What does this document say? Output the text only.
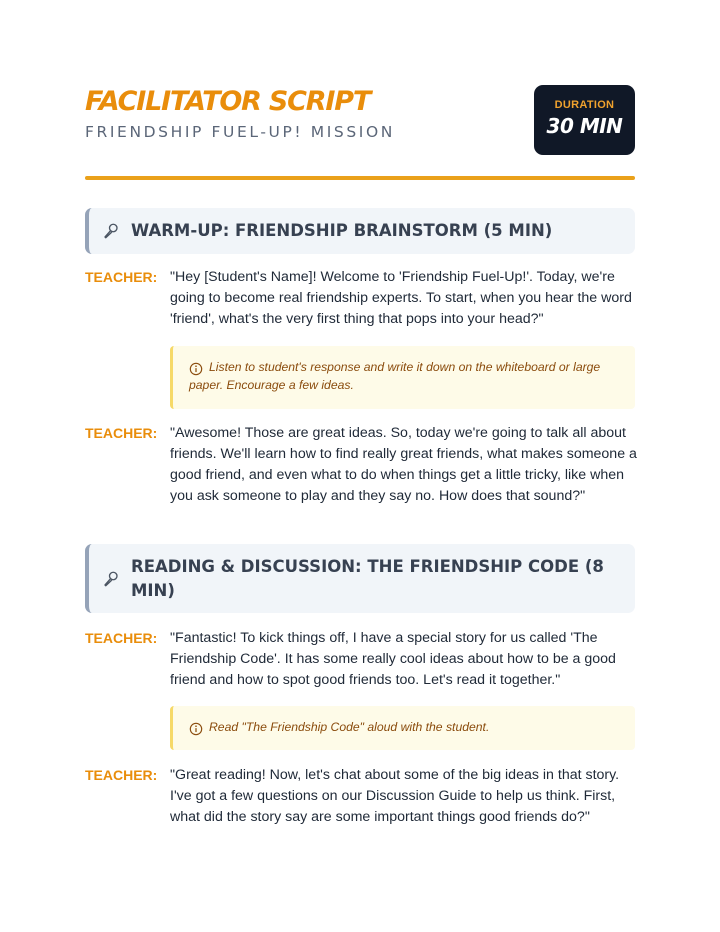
FACILITATOR SCRIPT
FRIENDSHIP FUEL-UP! MISSION
DURATION
30 MIN
WARM-UP: FRIENDSHIP BRAINSTORM (5 MIN)
TEACHER: "Hey [Student's Name]! Welcome to 'Friendship Fuel-Up!'. Today, we're going to become real friendship experts. To start, when you hear the word 'friend', what's the very first thing that pops into your head?"
Listen to student's response and write it down on the whiteboard or large paper. Encourage a few ideas.
TEACHER: "Awesome! Those are great ideas. So, today we're going to talk all about friends. We'll learn how to find really great friends, what makes someone a good friend, and even what to do when things get a little tricky, like when you ask someone to play and they say no. How does that sound?"
READING & DISCUSSION: THE FRIENDSHIP CODE (8 MIN)
TEACHER: "Fantastic! To kick things off, I have a special story for us called 'The Friendship Code'. It has some really cool ideas about how to be a good friend and how to spot good friends too. Let's read it together."
Read "The Friendship Code" aloud with the student.
TEACHER: "Great reading! Now, let's chat about some of the big ideas in that story. I've got a few questions on our Discussion Guide to help us think. First, what did the story say are some important things good friends do?"
